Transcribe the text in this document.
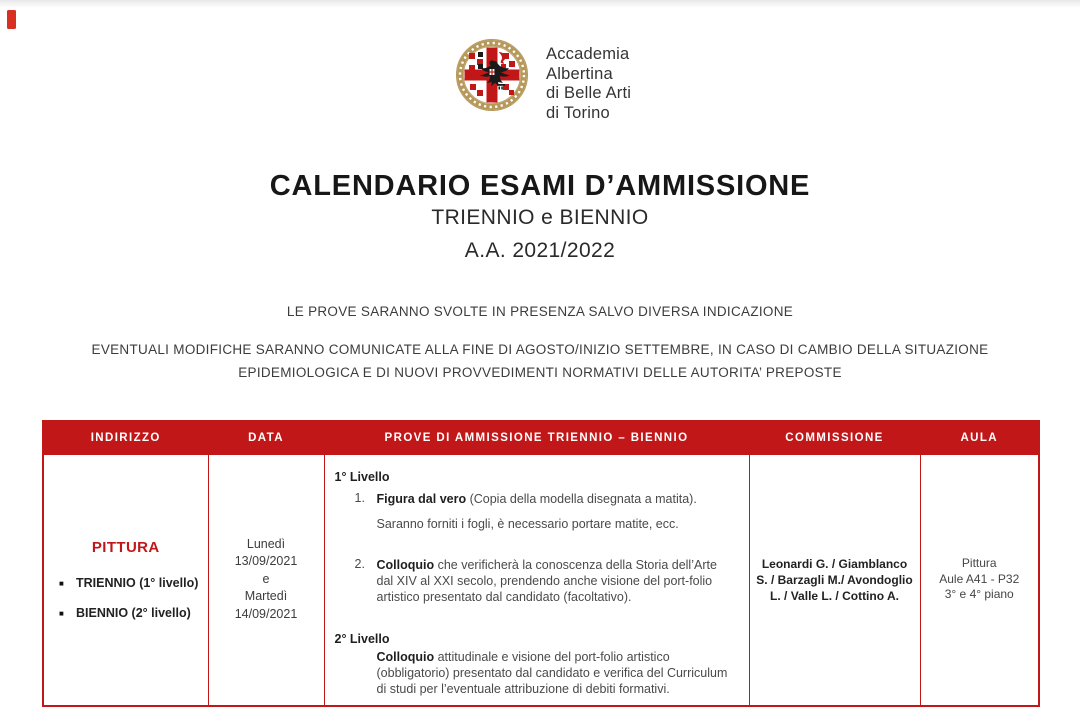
Accademia
Albertina
di Belle Arti
di Torino
CALENDARIO ESAMI D’AMMISSIONE
TRIENNIO e BIENNIO
A.A. 2021/2022
LE PROVE SARANNO SVOLTE IN PRESENZA SALVO DIVERSA INDICAZIONE
EVENTUALI MODIFICHE SARANNO COMUNICATE ALLA FINE DI AGOSTO/INIZIO SETTEMBRE, IN CASO DI CAMBIO DELLA SITUAZIONE EPIDEMIOLOGICA E DI NUOVI PROVVEDIMENTI NORMATIVI DELLE AUTORITA’ PREPOSTE
INDIRIZZO	DATA	PROVE DI AMMISSIONE TRIENNIO – BIENNIO	COMMISSIONE	AULA

PITTURA
■ TRIENNIO (1° livello)
■ BIENNIO (2° livello)

Lunedì
13/09/2021
e
Martedì
14/09/2021

1° Livello
1. Figura dal vero (Copia della modella disegnata a matita).
Saranno forniti i fogli, è necessario portare matite, ecc.
2. Colloquio che verificherà la conoscenza della Storia dell’Arte dal XIV al XXI secolo, prendendo anche visione del port-folio artistico presentato dal candidato (facoltativo).
2° Livello
Colloquio attitudinale e visione del port-folio artistico (obbligatorio) presentato dal candidato e verifica del Curriculum di studi per l’eventuale attribuzione di debiti formativi.

Leonardi G. / Giamblanco S. / Barzagli M./ Avondoglio L. / Valle L. / Cottino A.

Pittura
Aule A41 - P32
3° e 4° piano
